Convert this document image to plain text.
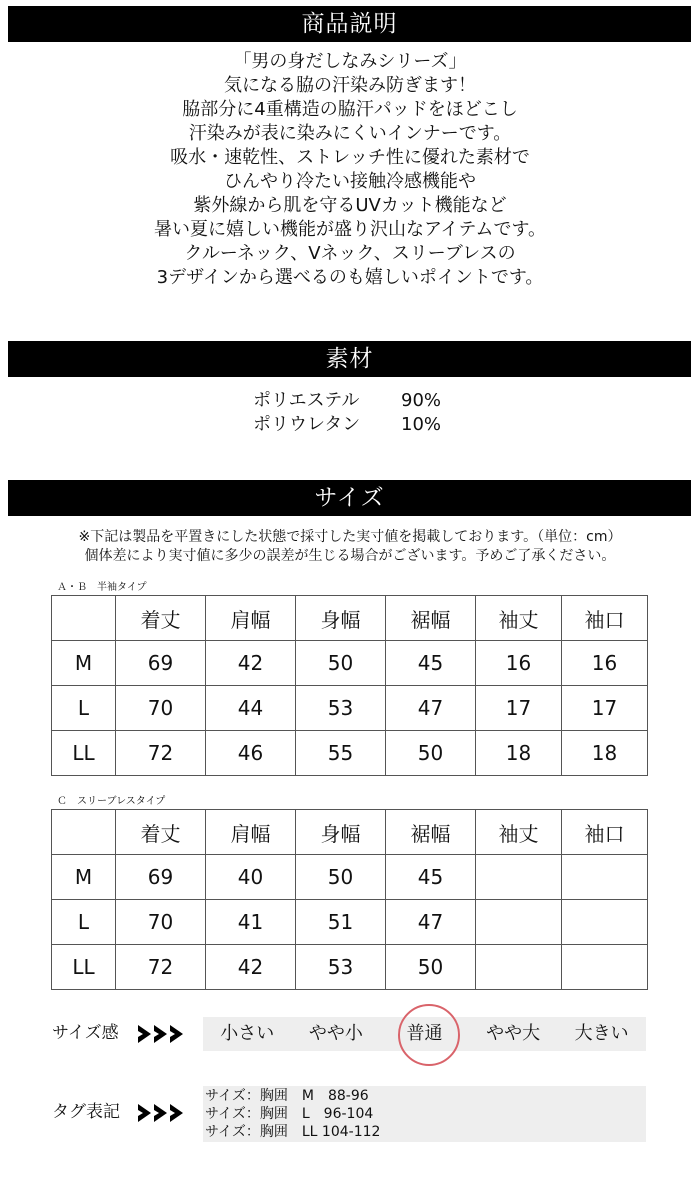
商品説明
「男の身だしなみシリーズ」
気になる脇の汗染み防ぎます！
脇部分に4重構造の脇汗パッドをほどこし
汗染みが表に染みにくいインナーです。
吸水・速乾性、ストレッチ性に優れた素材で
ひんやり冷たい接触冷感機能や
紫外線から肌を守るUVカット機能など
暑い夏に嬉しい機能が盛り沢山なアイテムです。
クルーネック、Vネック、スリーブレスの
3デザインから選べるのも嬉しいポイントです。
素材
ポリエステル	90%
ポリウレタン	10%
サイズ
※下記は製品を平置きにした状態で採寸した実寸値を掲載しております。（単位：cm）
個体差により実寸値に多少の誤差が生じる場合がございます。予めご了承ください。
Ａ・Ｂ　半袖タイプ
	着丈	肩幅	身幅	裾幅	袖丈	袖口
M	69	42	50	45	16	16
L	70	44	53	47	17	17
LL	72	46	55	50	18	18
Ｃ　スリーブレスタイプ
	着丈	肩幅	身幅	裾幅	袖丈	袖口
M	69	40	50	45		
L	70	41	51	47		
LL	72	42	53	50		
サイズ感	小さい	やや小	普通	やや大	大きい
タグ表記
サイズ：胸囲　M　88-96
サイズ：胸囲　L　96-104
サイズ：胸囲　LL 104-112
